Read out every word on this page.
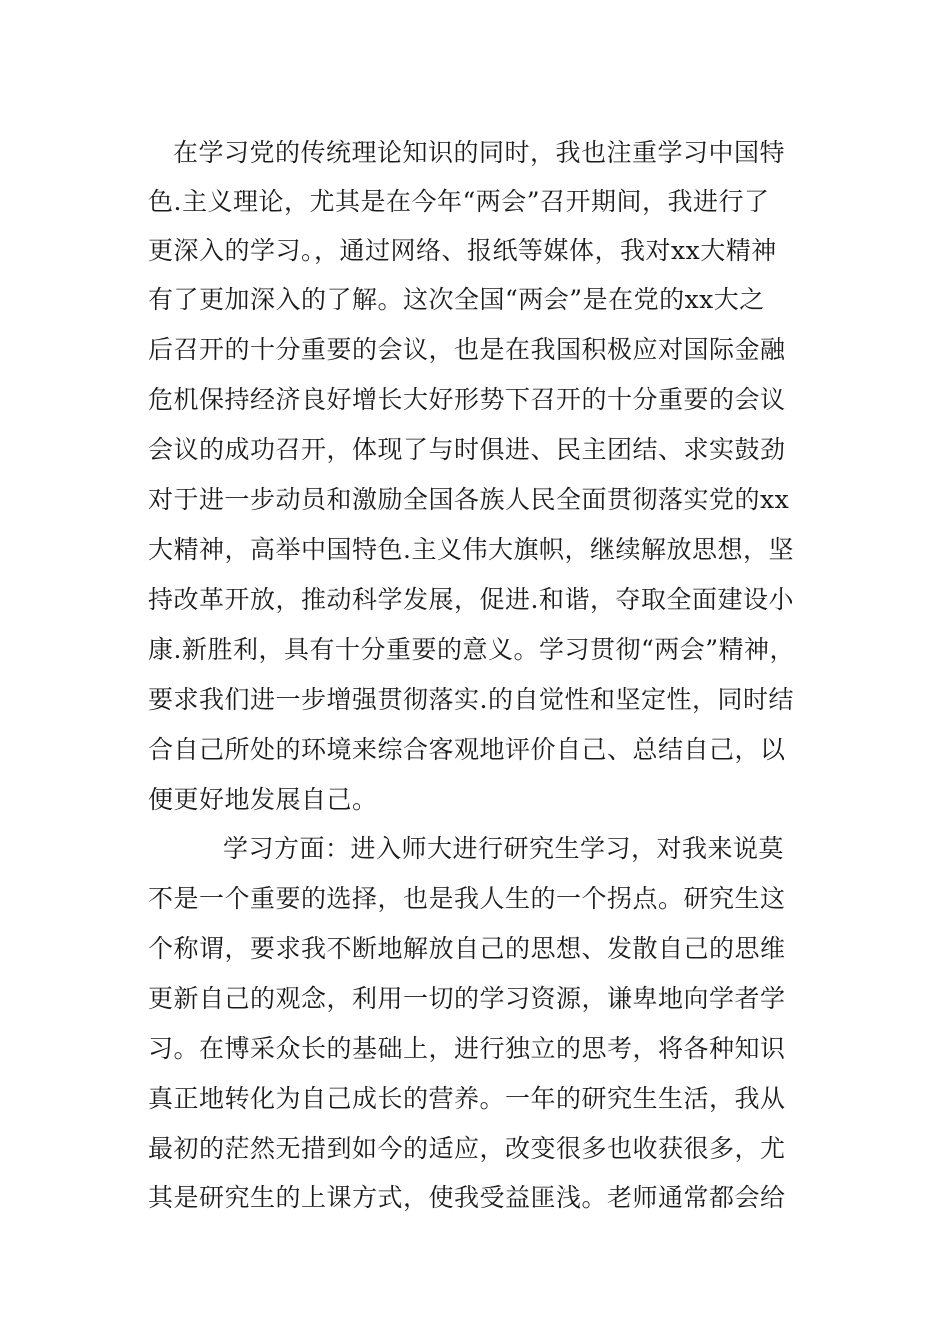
在学习党的传统理论知识的同时，我也注重学习中国特
色.主义理论，尤其是在今年“两会”召开期间，我进行了
更深入的学习。，通过网络、报纸等媒体，我对xx大精神
有了更加深入的了解。这次全国“两会”是在党的xx大之
后召开的十分重要的会议，也是在我国积极应对国际金融
危机保持经济良好增长大好形势下召开的十分重要的会议
会议的成功召开，体现了与时俱进、民主团结、求实鼓劲
对于进一步动员和激励全国各族人民全面贯彻落实党的xx
大精神，高举中国特色.主义伟大旗帜，继续解放思想，坚
持改革开放，推动科学发展，促进.和谐，夺取全面建设小
康.新胜利，具有十分重要的意义。学习贯彻“两会”精神，
要求我们进一步增强贯彻落实.的自觉性和坚定性，同时结
合自己所处的环境来综合客观地评价自己、总结自己，以
便更好地发展自己。
学习方面：进入师大进行研究生学习，对我来说莫
不是一个重要的选择，也是我人生的一个拐点。研究生这
个称谓，要求我不断地解放自己的思想、发散自己的思维
更新自己的观念，利用一切的学习资源，谦卑地向学者学
习。在博采众长的基础上，进行独立的思考，将各种知识
真正地转化为自己成长的营养。一年的研究生生活，我从
最初的茫然无措到如今的适应，改变很多也收获很多，尤
其是研究生的上课方式，使我受益匪浅。老师通常都会给
